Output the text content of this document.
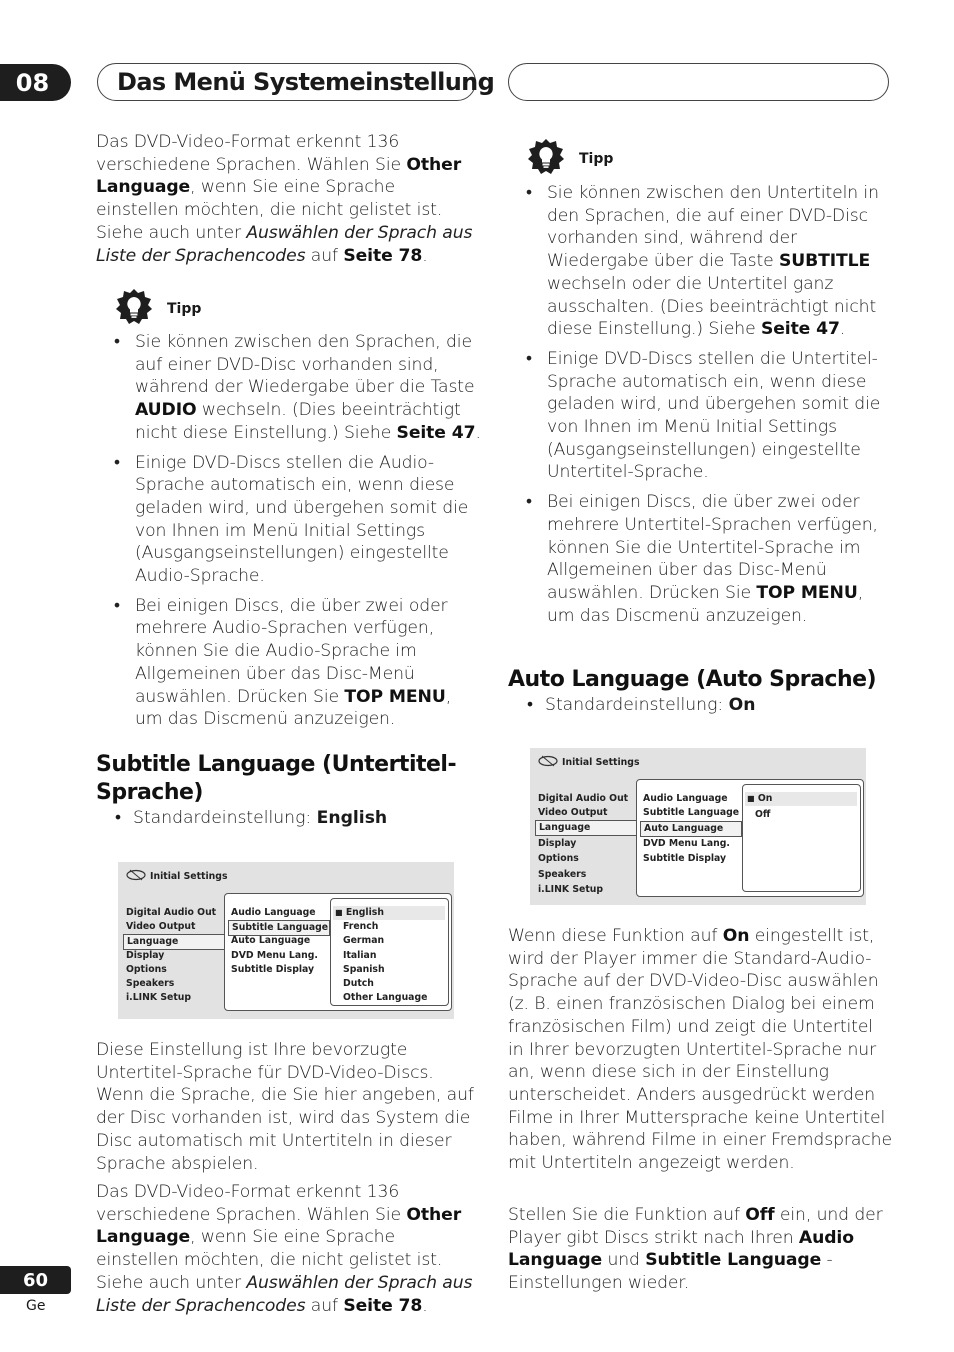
08	Das Menü Systemeinstellung
Das DVD-Video-Format erkennt 136 verschiedene Sprachen. Wählen Sie Other Language, wenn Sie eine Sprache einstellen möchten, die nicht gelistet ist. Siehe auch unter Auswählen der Sprach aus Liste der Sprachencodes auf Seite 78.
Tipp
• Sie können zwischen den Sprachen, die auf einer DVD-Disc vorhanden sind, während der Wiedergabe über die Taste AUDIO wechseln. (Dies beeinträchtigt nicht diese Einstellung.) Siehe Seite 47.
• Einige DVD-Discs stellen die Audio-Sprache automatisch ein, wenn diese geladen wird, und übergehen somit die von Ihnen im Menü Initial Settings (Ausgangseinstellungen) eingestellte Audio-Sprache.
• Bei einigen Discs, die über zwei oder mehrere Audio-Sprachen verfügen, können Sie die Audio-Sprache im Allgemeinen über das Disc-Menü auswählen. Drücken Sie TOP MENU, um das Discmenü anzuzeigen.
Subtitle Language (Untertitel-Sprache)
• Standardeinstellung: English
Initial Settings
Digital Audio Out
Video Output
Language
Display
Options
Speakers
i.LINK Setup
Audio Language
Subtitle Language
Auto Language
DVD Menu Lang.
Subtitle Display
■ English
French
German
Italian
Spanish
Dutch
Other Language
Diese Einstellung ist Ihre bevorzugte Untertitel-Sprache für DVD-Video-Discs. Wenn die Sprache, die Sie hier angeben, auf der Disc vorhanden ist, wird das System die Disc automatisch mit Untertiteln in dieser Sprache abspielen.
Das DVD-Video-Format erkennt 136 verschiedene Sprachen. Wählen Sie Other Language, wenn Sie eine Sprache einstellen möchten, die nicht gelistet ist. Siehe auch unter Auswählen der Sprach aus Liste der Sprachencodes auf Seite 78.
Tipp
• Sie können zwischen den Untertiteln in den Sprachen, die auf einer DVD-Disc vorhanden sind, während der Wiedergabe über die Taste SUBTITLE wechseln oder die Untertitel ganz ausschalten. (Dies beeinträchtigt nicht diese Einstellung.) Siehe Seite 47.
• Einige DVD-Discs stellen die Untertitel-Sprache automatisch ein, wenn diese geladen wird, und übergehen somit die von Ihnen im Menü Initial Settings (Ausgangseinstellungen) eingestellte Untertitel-Sprache.
• Bei einigen Discs, die über zwei oder mehrere Untertitel-Sprachen verfügen, können Sie die Untertitel-Sprache im Allgemeinen über das Disc-Menü auswählen. Drücken Sie TOP MENU, um das Discmenü anzuzeigen.
Auto Language (Auto Sprache)
• Standardeinstellung: On
Initial Settings
Digital Audio Out
Video Output
Language
Display
Options
Speakers
i.LINK Setup
Audio Language
Subtitle Language
Auto Language
DVD Menu Lang.
Subtitle Display
■ On
Off
Wenn diese Funktion auf On eingestellt ist, wird der Player immer die Standard-Audio-Sprache auf der DVD-Video-Disc auswählen (z. B. einen französischen Dialog bei einem französischen Film) und zeigt die Untertitel in Ihrer bevorzugten Untertitel-Sprache nur an, wenn diese sich in der Einstellung unterscheidet. Anders ausgedrückt werden Filme in Ihrer Muttersprache keine Untertitel haben, während Filme in einer Fremdsprache mit Untertiteln angezeigt werden.
Stellen Sie die Funktion auf Off ein, und der Player gibt Discs strikt nach Ihren Audio Language und Subtitle Language - Einstellungen wieder.
60
Ge
